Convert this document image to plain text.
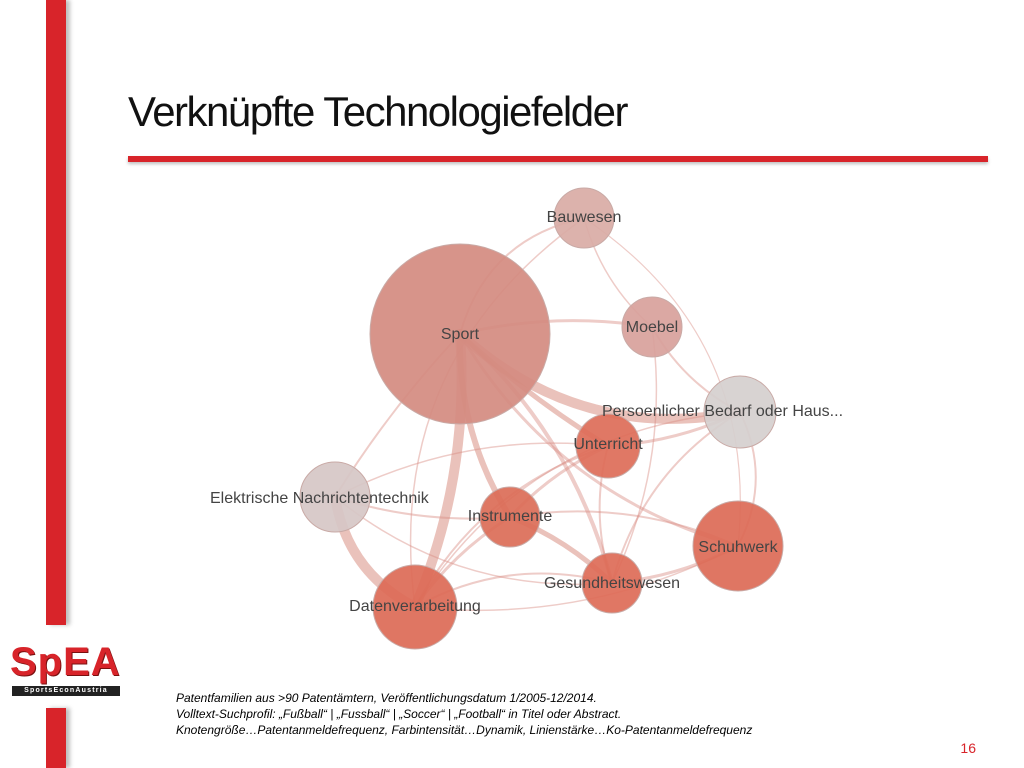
Verknüpfte Technologiefelder
SpEA
SportsEconAustria
Sport
Bauwesen
Moebel
Persoenlicher Bedarf oder Haus...
Unterricht
Elektrische Nachrichtentechnik
Instrumente
Schuhwerk
Gesundheitswesen
Datenverarbeitung
Patentfamilien aus >90 Patentämtern, Veröffentlichungsdatum 1/2005-12/2014.
Volltext-Suchprofil: „Fußball“ | „Fussball“ | „Soccer“ | „Football“ in Titel oder Abstract.
Knotengröße…Patentanmeldefrequenz, Farbintensität…Dynamik, Linienstärke…Ko-Patentanmeldefrequenz
16
